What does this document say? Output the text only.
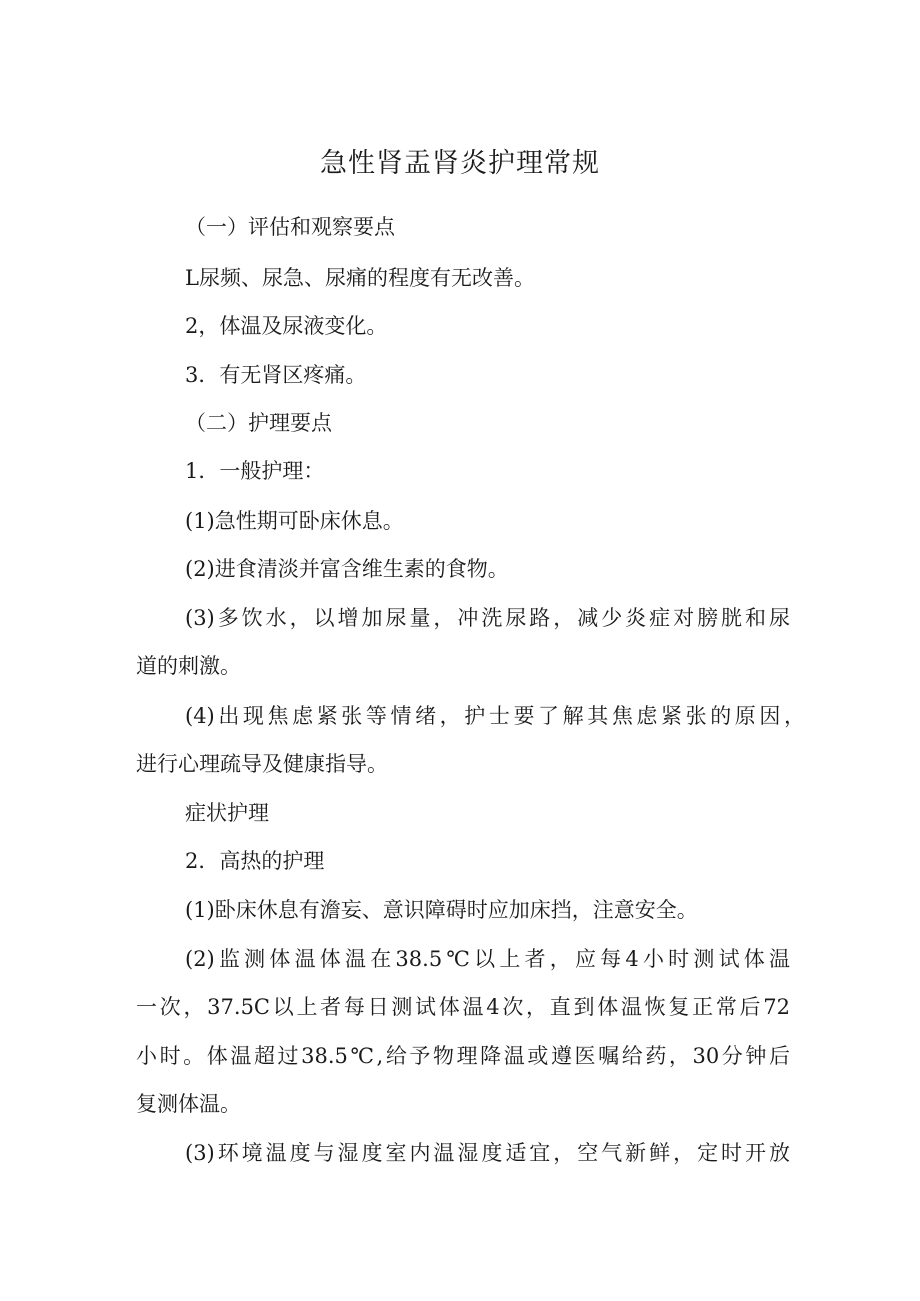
急性肾盂肾炎护理常规

（一）评估和观察要点

L尿频、尿急、尿痛的程度有无改善。

2，体温及尿液变化。

3．有无肾区疼痛。

（二）护理要点

1．一般护理：

(1)急性期可卧床休息。

(2)进食清淡并富含维生素的食物。

(3)多饮水，以增加尿量，冲洗尿路，减少炎症对膀胱和尿

道的刺激。

(4)出现焦虑紧张等情绪，护士要了解其焦虑紧张的原因，

进行心理疏导及健康指导。

症状护理

2．高热的护理

(1)卧床休息有澹妄、意识障碍时应加床挡，注意安全。

(2)监测体温体温在38.5℃以上者，应每4小时测试体温

一次，37.5C以上者每日测试体温4次，直到体温恢复正常后72

小时。体温超过38.5℃,给予物理降温或遵医嘱给药，30分钟后

复测体温。

(3)环境温度与湿度室内温湿度适宜，空气新鲜，定时开放
